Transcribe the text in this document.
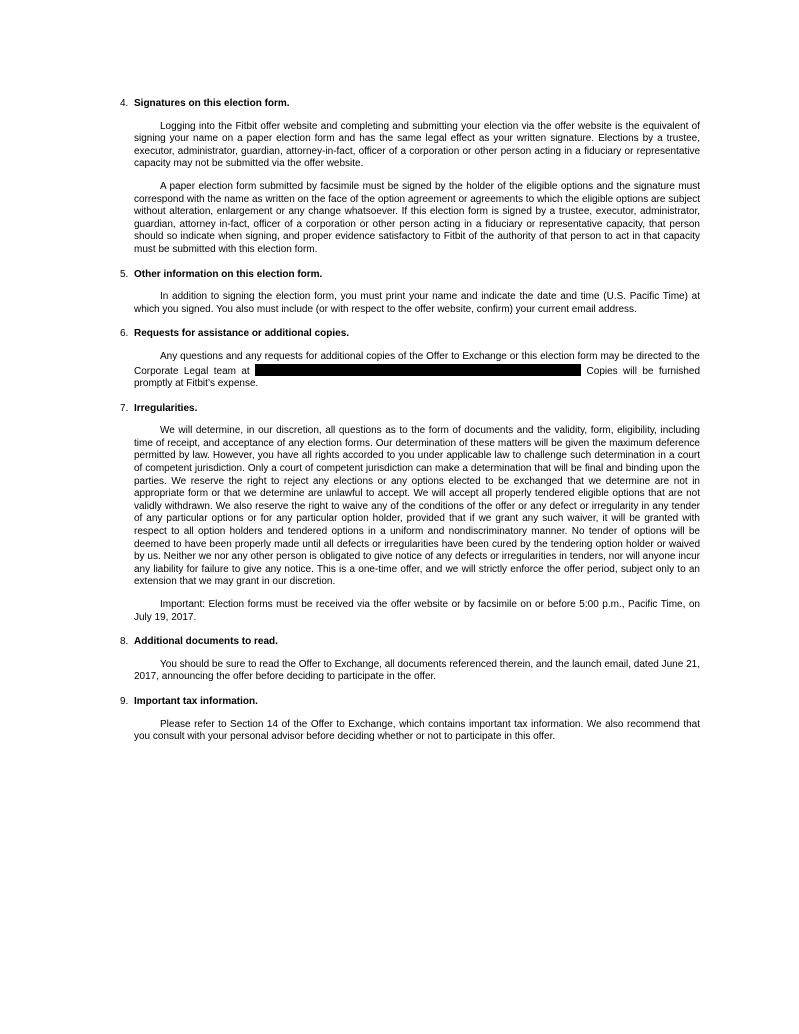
4. Signatures on this election form.

Logging into the Fitbit offer website and completing and submitting your election via the offer website is the equivalent of signing your name on a paper election form and has the same legal effect as your written signature. Elections by a trustee, executor, administrator, guardian, attorney-in-fact, officer of a corporation or other person acting in a fiduciary or representative capacity may not be submitted via the offer website.

A paper election form submitted by facsimile must be signed by the holder of the eligible options and the signature must correspond with the name as written on the face of the option agreement or agreements to which the eligible options are subject without alteration, enlargement or any change whatsoever. If this election form is signed by a trustee, executor, administrator, guardian, attorney in-fact, officer of a corporation or other person acting in a fiduciary or representative capacity, that person should so indicate when signing, and proper evidence satisfactory to Fitbit of the authority of that person to act in that capacity must be submitted with this election form.

5. Other information on this election form.

In addition to signing the election form, you must print your name and indicate the date and time (U.S. Pacific Time) at which you signed. You also must include (or with respect to the offer website, confirm) your current email address.

6. Requests for assistance or additional copies.

Any questions and any requests for additional copies of the Offer to Exchange or this election form may be directed to the Corporate Legal team at	Copies will be furnished promptly at Fitbit’s expense.

7. Irregularities.

We will determine, in our discretion, all questions as to the form of documents and the validity, form, eligibility, including time of receipt, and acceptance of any election forms. Our determination of these matters will be given the maximum deference permitted by law. However, you have all rights accorded to you under applicable law to challenge such determination in a court of competent jurisdiction. Only a court of competent jurisdiction can make a determination that will be final and binding upon the parties. We reserve the right to reject any elections or any options elected to be exchanged that we determine are not in appropriate form or that we determine are unlawful to accept. We will accept all properly tendered eligible options that are not validly withdrawn. We also reserve the right to waive any of the conditions of the offer or any defect or irregularity in any tender of any particular options or for any particular option holder, provided that if we grant any such waiver, it will be granted with respect to all option holders and tendered options in a uniform and nondiscriminatory manner. No tender of options will be deemed to have been properly made until all defects or irregularities have been cured by the tendering option holder or waived by us. Neither we nor any other person is obligated to give notice of any defects or irregularities in tenders, nor will anyone incur any liability for failure to give any notice. This is a one-time offer, and we will strictly enforce the offer period, subject only to an extension that we may grant in our discretion.

Important: Election forms must be received via the offer website or by facsimile on or before 5:00 p.m., Pacific Time, on July 19, 2017.

8. Additional documents to read.

You should be sure to read the Offer to Exchange, all documents referenced therein, and the launch email, dated June 21, 2017, announcing the offer before deciding to participate in the offer.

9. Important tax information.

Please refer to Section 14 of the Offer to Exchange, which contains important tax information. We also recommend that you consult with your personal advisor before deciding whether or not to participate in this offer.
